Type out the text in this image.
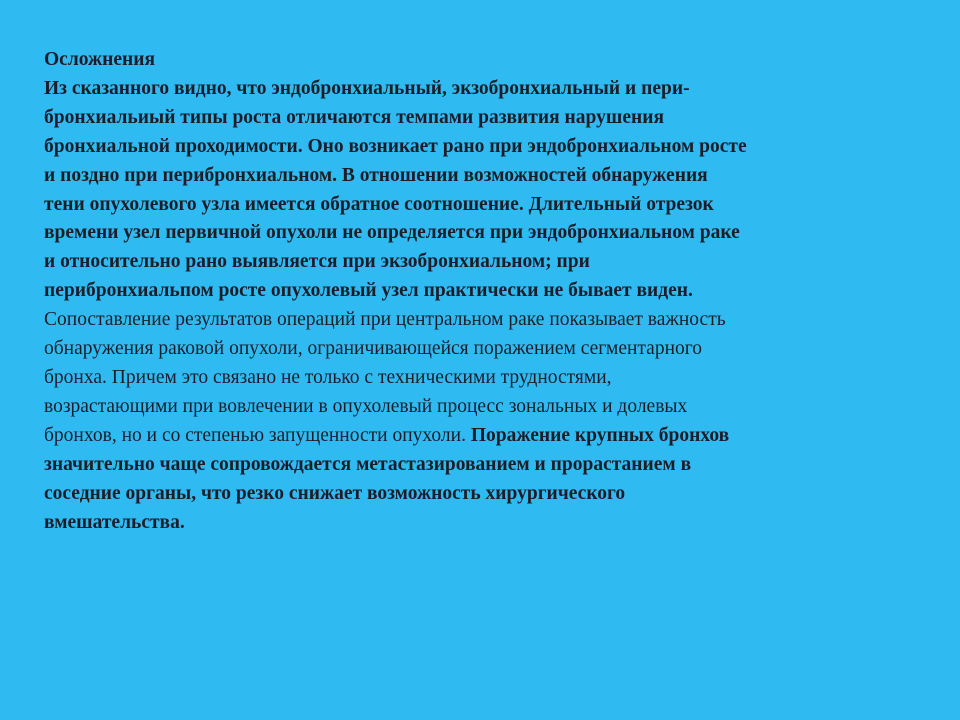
Осложнения
Из сказанного видно, что эндобронхиальный, экзобронхиальный и пери-
бронхиальиый типы роста отличаются темпами развития нарушения
бронхиальной проходимости. Оно возникает рано при эндобронхиальном росте
и поздно при перибронхиальном. В отношении возможностей обнаружения
тени опухолевого узла имеется обратное соотношение. Длительный отрезок
времени узел первичной опухоли не определяется при эндобронхиальном раке
и относительно рано выявляется при экзобронхиальном; при
перибронхиальпом росте опухолевый узел практически не бывает виден.
Сопоставление результатов операций при центральном раке показывает важность
обнаружения раковой опухоли, ограничивающейся поражением сегментарного
бронха. Причем это связано не только с техническими трудностями,
возрастающими при вовлечении в опухолевый процесс зональных и долевых
бронхов, но и со степенью запущенности опухоли. Поражение крупных бронхов
значительно чаще сопровождается метастазированием и прорастанием в
соседние органы, что резко снижает возможность хирургического
вмешательства.
